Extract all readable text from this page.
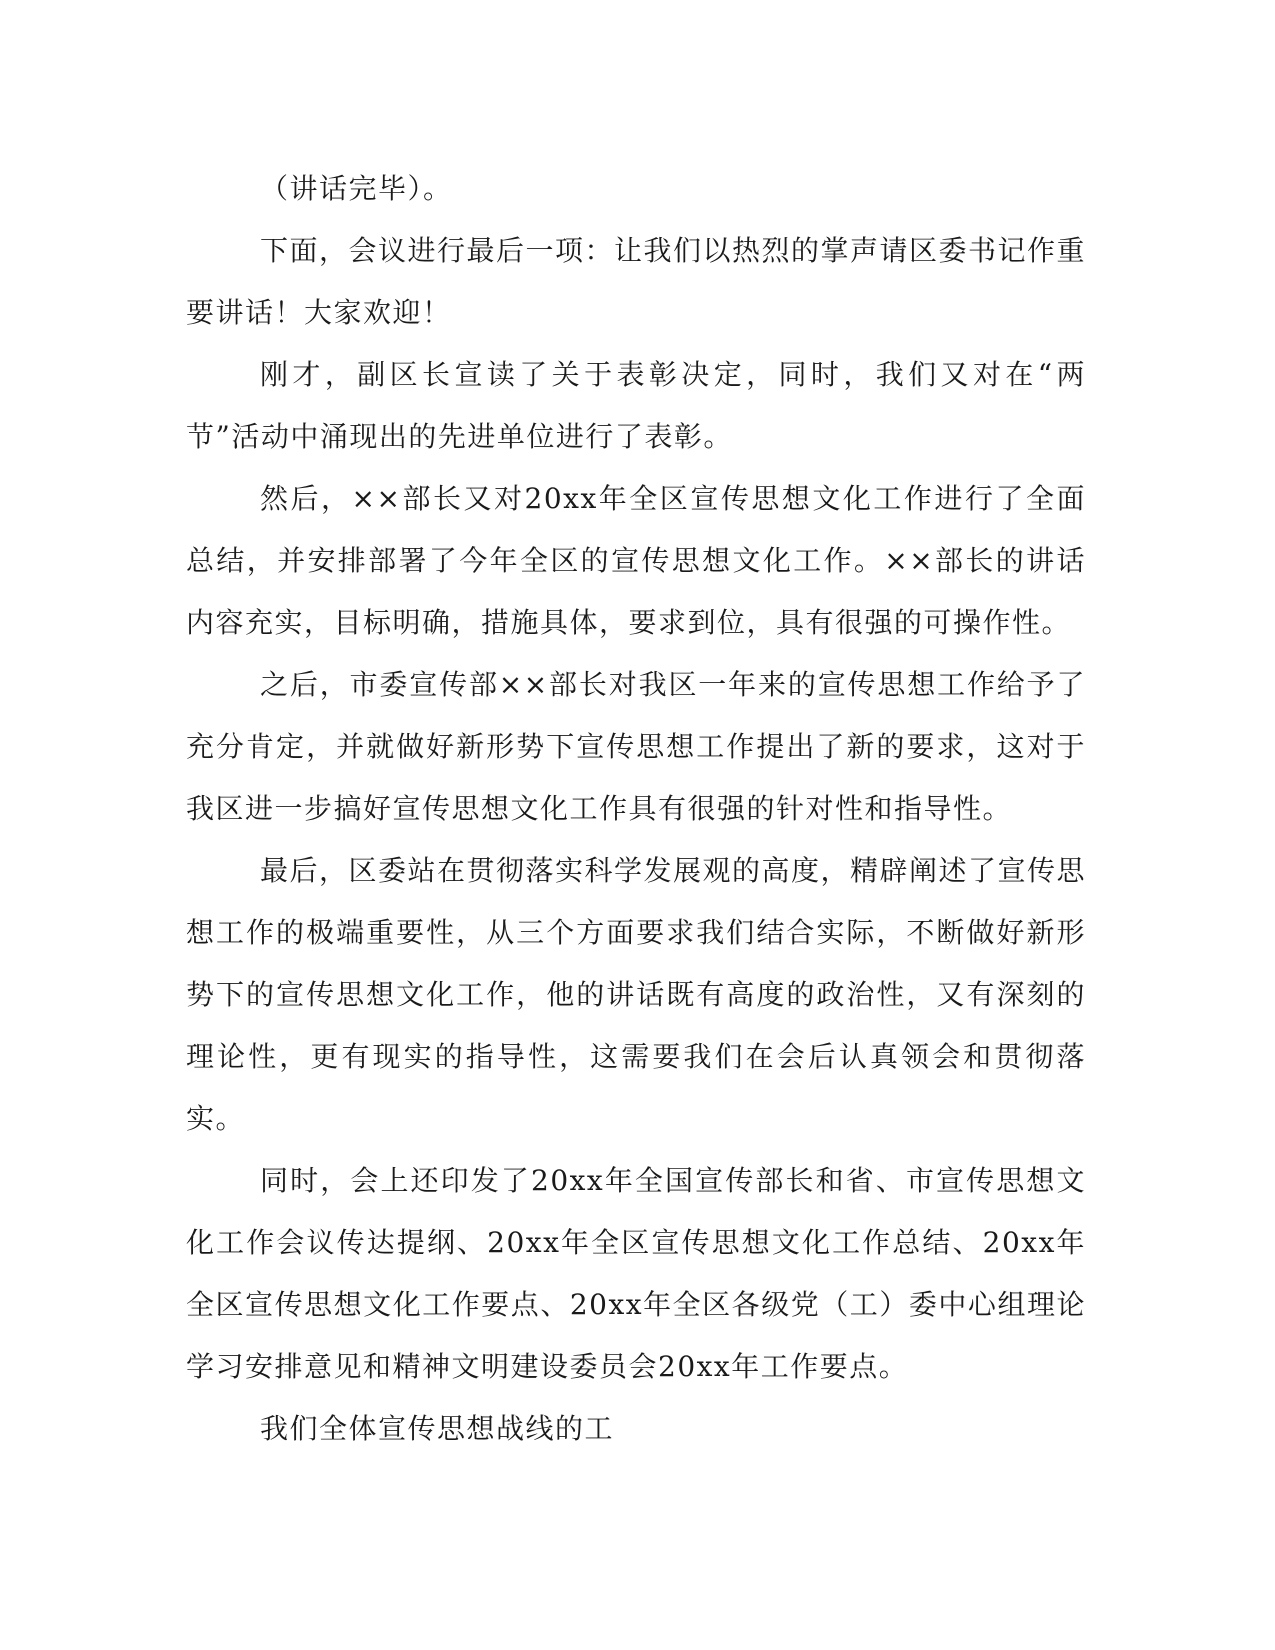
（讲话完毕）。

下面，会议进行最后一项：让我们以热烈的掌声请区委书记作重要讲话！大家欢迎！

刚才，副区长宣读了关于表彰决定，同时，我们又对在“两节”活动中涌现出的先进单位进行了表彰。

然后，××部长又对20xx年全区宣传思想文化工作进行了全面总结，并安排部署了今年全区的宣传思想文化工作。××部长的讲话内容充实，目标明确，措施具体，要求到位，具有很强的可操作性。

之后，市委宣传部××部长对我区一年来的宣传思想工作给予了充分肯定，并就做好新形势下宣传思想工作提出了新的要求，这对于我区进一步搞好宣传思想文化工作具有很强的针对性和指导性。

最后，区委站在贯彻落实科学发展观的高度，精辟阐述了宣传思想工作的极端重要性，从三个方面要求我们结合实际，不断做好新形势下的宣传思想文化工作，他的讲话既有高度的政治性，又有深刻的理论性，更有现实的指导性，这需要我们在会后认真领会和贯彻落实。

同时，会上还印发了20xx年全国宣传部长和省、市宣传思想文化工作会议传达提纲、20xx年全区宣传思想文化工作总结、20xx年全区宣传思想文化工作要点、20xx年全区各级党（工）委中心组理论学习安排意见和精神文明建设委员会20xx年工作要点。

我们全体宣传思想战线的工
